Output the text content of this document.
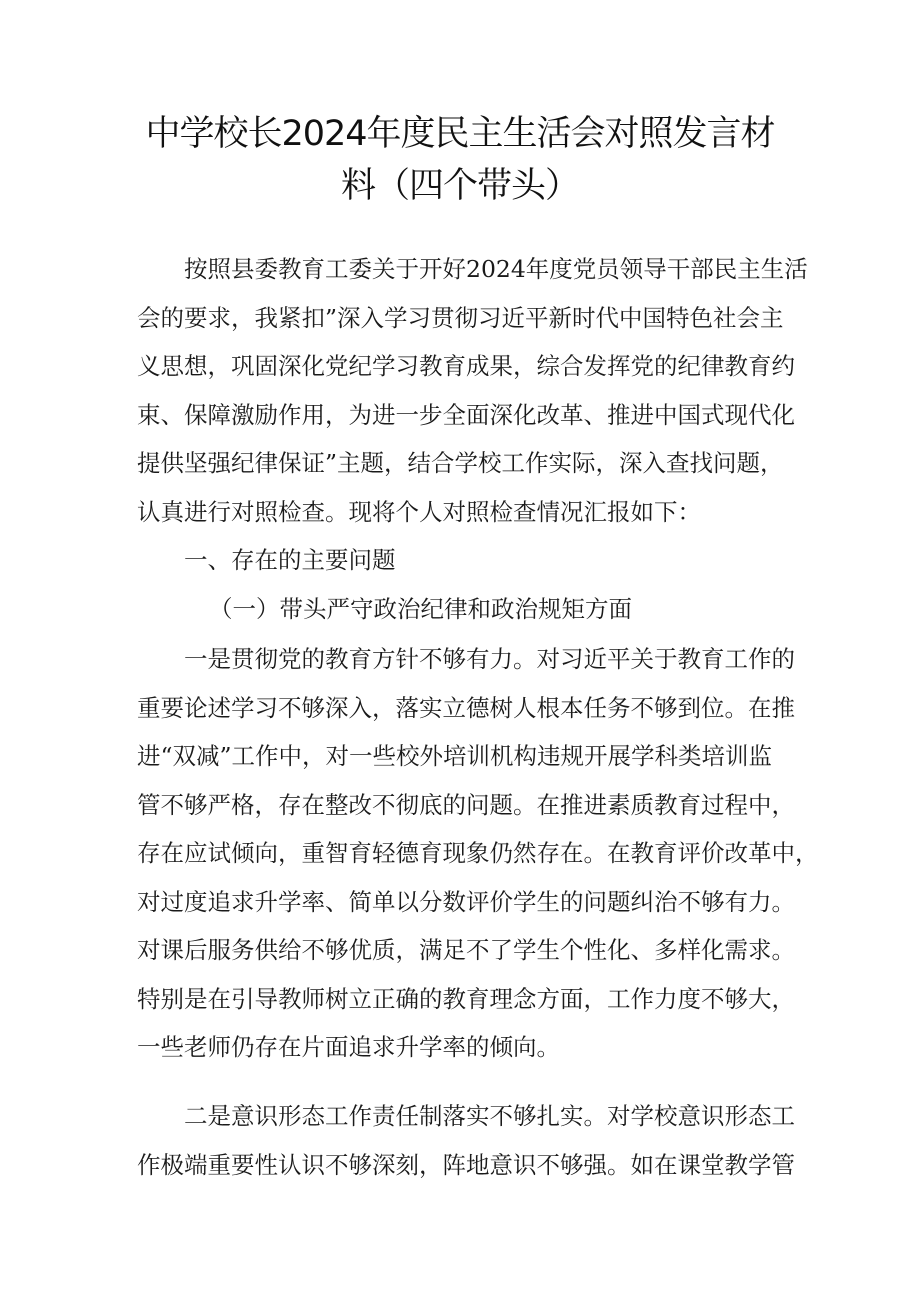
中学校长2024年度民主生活会对照发言材
料（四个带头）
按照县委教育工委关于开好2024年度党员领导干部民主生活
会的要求，我紧扣”深入学习贯彻习近平新时代中国特色社会主
义思想，巩固深化党纪学习教育成果，综合发挥党的纪律教育约
束、保障激励作用，为进一步全面深化改革、推进中国式现代化
提供坚强纪律保证”主题，结合学校工作实际，深入查找问题，
认真进行对照检查。现将个人对照检查情况汇报如下：
一、存在的主要问题
（一）带头严守政治纪律和政治规矩方面
一是贯彻党的教育方针不够有力。对习近平关于教育工作的
重要论述学习不够深入，落实立德树人根本任务不够到位。在推
进“双减”工作中，对一些校外培训机构违规开展学科类培训监
管不够严格，存在整改不彻底的问题。在推进素质教育过程中，
存在应试倾向，重智育轻德育现象仍然存在。在教育评价改革中，
对过度追求升学率、简单以分数评价学生的问题纠治不够有力。
对课后服务供给不够优质，满足不了学生个性化、多样化需求。
特别是在引导教师树立正确的教育理念方面，工作力度不够大，
一些老师仍存在片面追求升学率的倾向。
二是意识形态工作责任制落实不够扎实。对学校意识形态工
作极端重要性认识不够深刻，阵地意识不够强。如在课堂教学管
